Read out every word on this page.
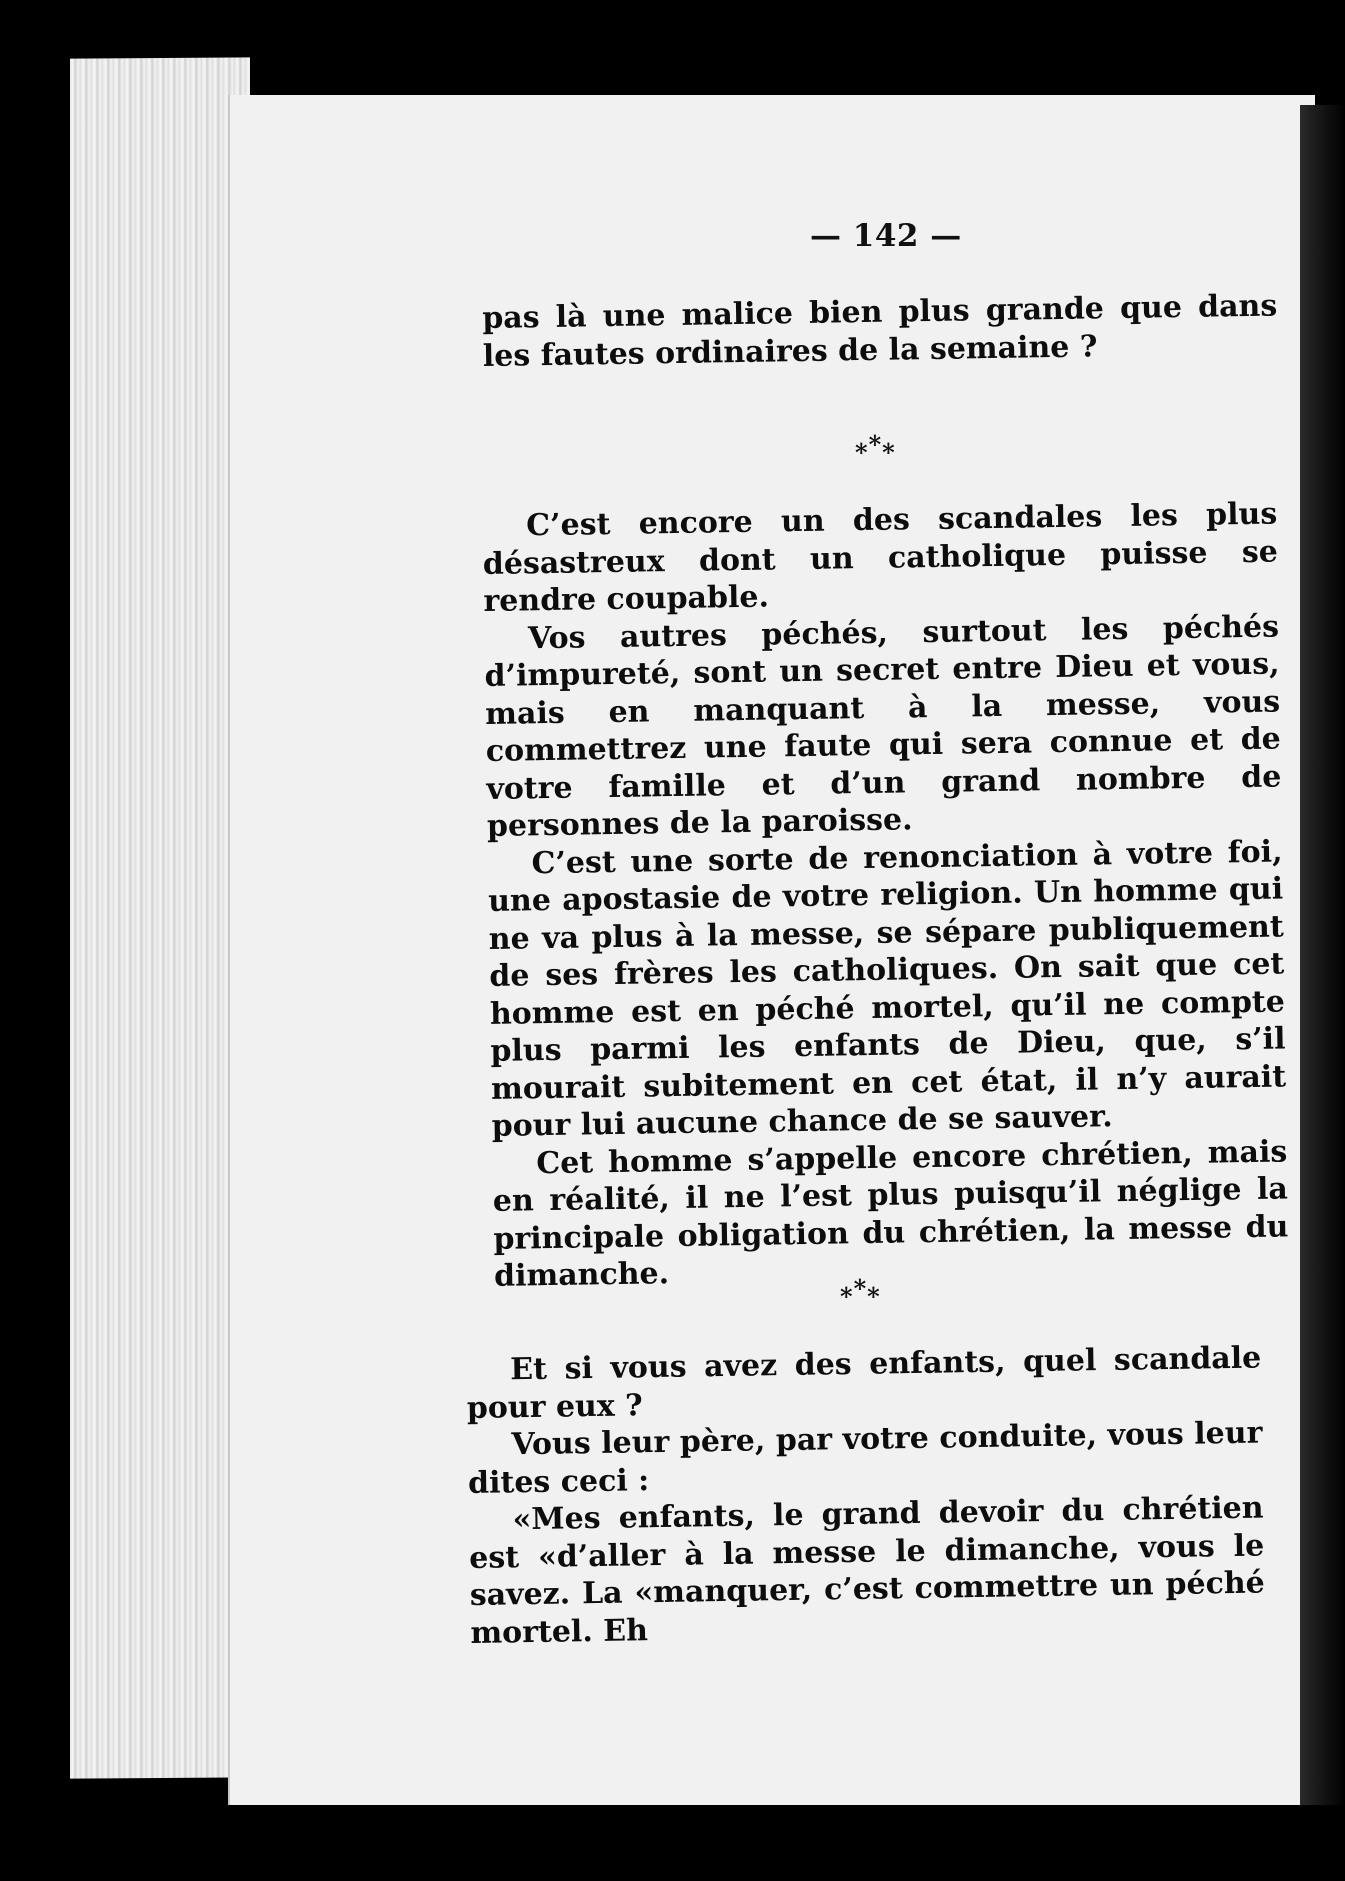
— 142 —

pas là une malice bien plus grande que dans les fautes ordinaires de la semaine ?

***

C’est encore un des scandales les plus désastreux dont un catholique puisse se rendre coupable.

Vos autres péchés, surtout les péchés d’impureté, sont un secret entre Dieu et vous, mais en manquant à la messe, vous commettrez une faute qui sera connue et de votre famille et d’un grand nombre de personnes de la paroisse.

C’est une sorte de renonciation à votre foi, une apostasie de votre religion. Un homme qui ne va plus à la messe, se sépare publiquement de ses frères les catholiques. On sait que cet homme est en péché mortel, qu’il ne compte plus parmi les enfants de Dieu, que, s’il mourait subitement en cet état, il n’y aurait pour lui aucune chance de se sauver.

Cet homme s’appelle encore chrétien, mais en réalité, il ne l’est plus puisqu’il néglige la principale obligation du chrétien, la messe du dimanche.

***

Et si vous avez des enfants, quel scandale pour eux ?

Vous leur père, par votre conduite, vous leur dites ceci :

«Mes enfants, le grand devoir du chrétien est «d’aller à la messe le dimanche, vous le savez. La «manquer, c’est commettre un péché mortel. Eh
